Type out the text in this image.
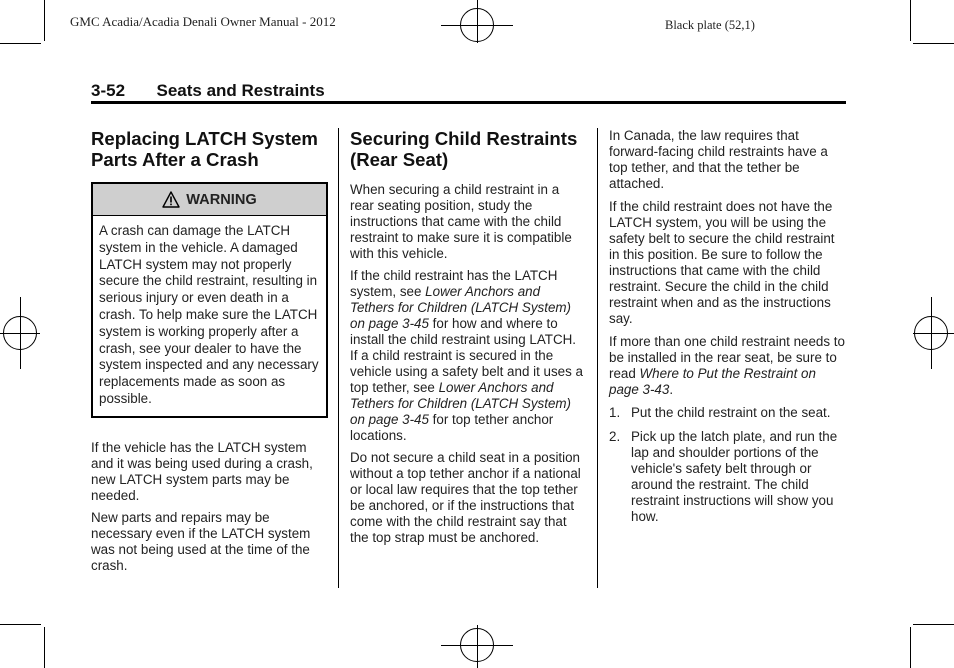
GMC Acadia/Acadia Denali Owner Manual - 2012	Black plate (52,1)
3-52 Seats and Restraints
Replacing LATCH System Parts After a Crash
WARNING
A crash can damage the LATCH system in the vehicle. A damaged LATCH system may not properly secure the child restraint, resulting in serious injury or even death in a crash. To help make sure the LATCH system is working properly after a crash, see your dealer to have the system inspected and any necessary replacements made as soon as possible.

If the vehicle has the LATCH system and it was being used during a crash, new LATCH system parts may be needed.

New parts and repairs may be necessary even if the LATCH system was not being used at the time of the crash.

Securing Child Restraints (Rear Seat)

When securing a child restraint in a rear seating position, study the instructions that came with the child restraint to make sure it is compatible with this vehicle.

If the child restraint has the LATCH system, see Lower Anchors and Tethers for Children (LATCH System) on page 3-45 for how and where to install the child restraint using LATCH. If a child restraint is secured in the vehicle using a safety belt and it uses a top tether, see Lower Anchors and Tethers for Children (LATCH System) on page 3-45 for top tether anchor locations.

Do not secure a child seat in a position without a top tether anchor if a national or local law requires that the top tether be anchored, or if the instructions that come with the child restraint say that the top strap must be anchored.

In Canada, the law requires that forward-facing child restraints have a top tether, and that the tether be attached.

If the child restraint does not have the LATCH system, you will be using the safety belt to secure the child restraint in this position. Be sure to follow the instructions that came with the child restraint. Secure the child in the child restraint when and as the instructions say.

If more than one child restraint needs to be installed in the rear seat, be sure to read Where to Put the Restraint on page 3-43.

1. Put the child restraint on the seat.
2. Pick up the latch plate, and run the lap and shoulder portions of the vehicle's safety belt through or around the restraint. The child restraint instructions will show you how.
